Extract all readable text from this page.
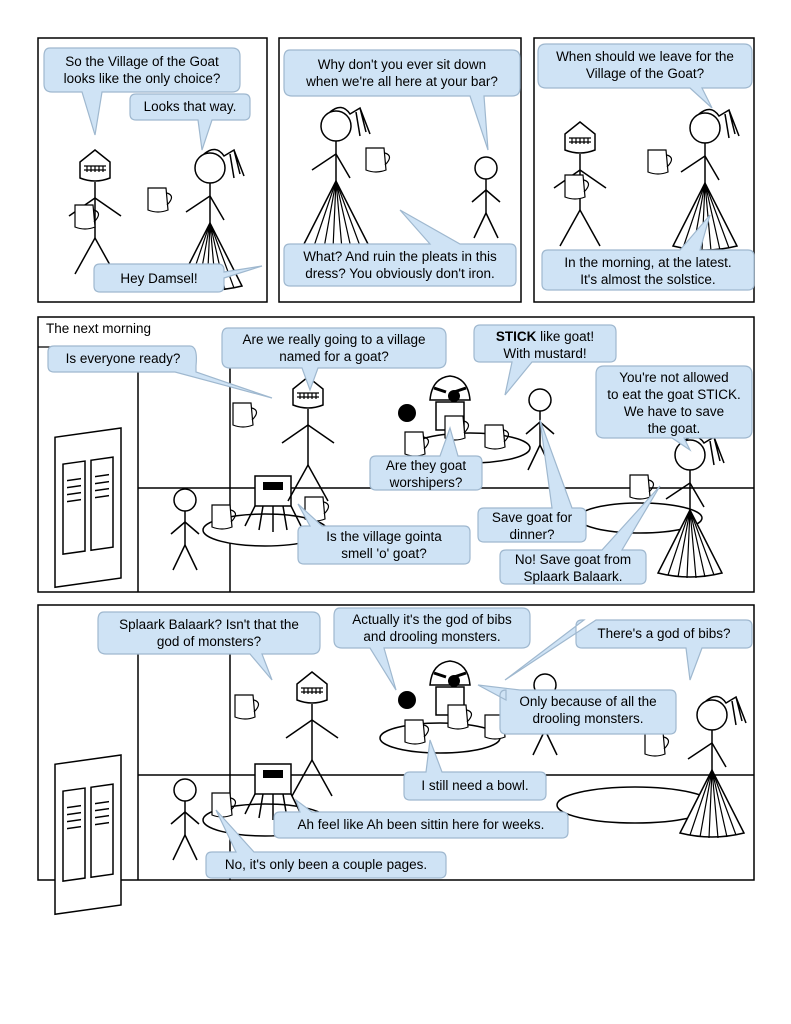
The next morning
So the Village of the Goat
looks like the only choice?
Looks that way.
Hey Damsel!
Why don't you ever sit down
when we're all here at your bar?
What? And ruin the pleats in this
dress? You obviously don't iron.
When should we leave for the
Village of the Goat?
In the morning, at the latest.
It's almost the solstice.
Is everyone ready?
Are we really going to a village
named for a goat?
STICK like goat!
With mustard!
You're not allowed
to eat the goat STICK.
We have to save
the goat.
Are they goat
worshipers?
Save goat for
dinner?
Is the village gointa
smell 'o' goat?	No! Save goat from
Splaark Balaark.
Splaark Balaark? Isn't that the
god of monsters?
Actually it's the god of bibs
and drooling monsters.	There's a god of bibs?
Only because of all the
drooling monsters.
I still need a bowl.
Ah feel like Ah been sittin here for weeks.
No, it's only been a couple pages.
